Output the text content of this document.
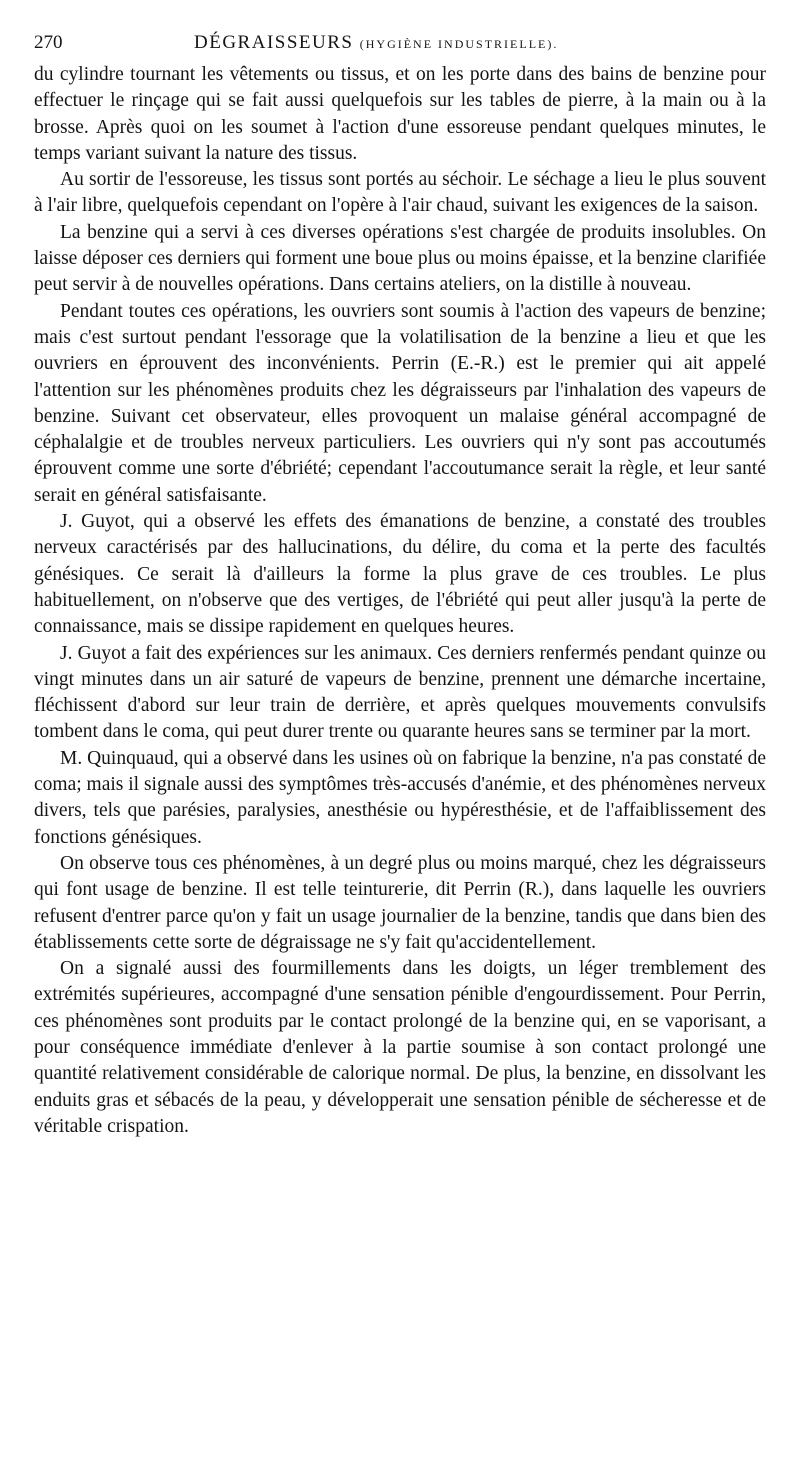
270	DÉGRAISSEURS (HYGIÈNE INDUSTRIELLE).

du cylindre tournant les vêtements ou tissus, et on les porte dans des bains de benzine pour effectuer le rinçage qui se fait aussi quelquefois sur les tables de pierre, à la main ou à la brosse. Après quoi on les soumet à l'action d'une essoreuse pendant quelques minutes, le temps variant suivant la nature des tissus.

Au sortir de l'essoreuse, les tissus sont portés au séchoir. Le séchage a lieu le plus souvent à l'air libre, quelquefois cependant on l'opère à l'air chaud, suivant les exigences de la saison.

La benzine qui a servi à ces diverses opérations s'est chargée de produits insolubles. On laisse déposer ces derniers qui forment une boue plus ou moins épaisse, et la benzine clarifiée peut servir à de nouvelles opérations. Dans certains ateliers, on la distille à nouveau.

Pendant toutes ces opérations, les ouvriers sont soumis à l'action des vapeurs de benzine; mais c'est surtout pendant l'essorage que la volatilisation de la benzine a lieu et que les ouvriers en éprouvent des inconvénients. Perrin (E.-R.) est le premier qui ait appelé l'attention sur les phénomènes produits chez les dégraisseurs par l'inhalation des vapeurs de benzine. Suivant cet observateur, elles provoquent un malaise général accompagné de céphalalgie et de troubles nerveux particuliers. Les ouvriers qui n'y sont pas accoutumés éprouvent comme une sorte d'ébriété; cependant l'accoutumance serait la règle, et leur santé serait en général satisfaisante.

J. Guyot, qui a observé les effets des émanations de benzine, a constaté des troubles nerveux caractérisés par des hallucinations, du délire, du coma et la perte des facultés génésiques. Ce serait là d'ailleurs la forme la plus grave de ces troubles. Le plus habituellement, on n'observe que des vertiges, de l'ébriété qui peut aller jusqu'à la perte de connaissance, mais se dissipe rapidement en quelques heures.

J. Guyot a fait des expériences sur les animaux. Ces derniers renfermés pendant quinze ou vingt minutes dans un air saturé de vapeurs de benzine, prennent une démarche incertaine, fléchissent d'abord sur leur train de derrière, et après quelques mouvements convulsifs tombent dans le coma, qui peut durer trente ou quarante heures sans se terminer par la mort.

M. Quinquaud, qui a observé dans les usines où on fabrique la benzine, n'a pas constaté de coma; mais il signale aussi des symptômes très-accusés d'anémie, et des phénomènes nerveux divers, tels que parésies, paralysies, anesthésie ou hypéresthésie, et de l'affaiblissement des fonctions génésiques.

On observe tous ces phénomènes, à un degré plus ou moins marqué, chez les dégraisseurs qui font usage de benzine. Il est telle teinturerie, dit Perrin (R.), dans laquelle les ouvriers refusent d'entrer parce qu'on y fait un usage journalier de la benzine, tandis que dans bien des établissements cette sorte de dégraissage ne s'y fait qu'accidentellement.

On a signalé aussi des fourmillements dans les doigts, un léger tremblement des extrémités supérieures, accompagné d'une sensation pénible d'engourdissement. Pour Perrin, ces phénomènes sont produits par le contact prolongé de la benzine qui, en se vaporisant, a pour conséquence immédiate d'enlever à la partie soumise à son contact prolongé une quantité relativement considérable de calorique normal. De plus, la benzine, en dissolvant les enduits gras et sébacés de la peau, y développerait une sensation pénible de sécheresse et de véritable crispation.
